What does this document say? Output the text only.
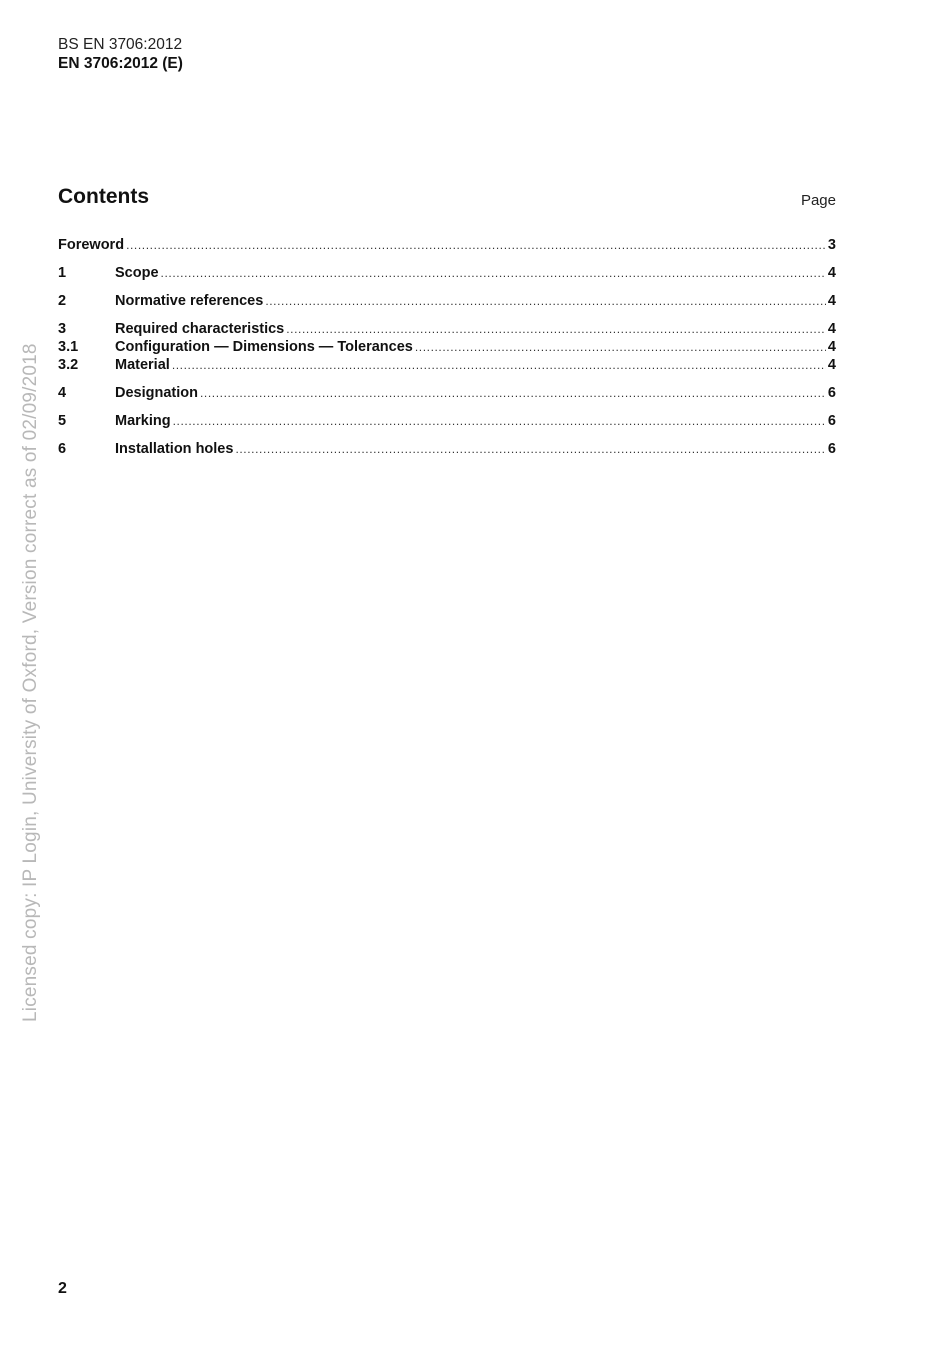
BS EN 3706:2012
EN 3706:2012 (E)
Contents	Page
Foreword .....	3
1	Scope .....	4
2	Normative references .....	4
3	Required characteristics .....	4
3.1	Configuration — Dimensions — Tolerances .....	4
3.2	Material .....	4
4	Designation .....	6
5	Marking .....	6
6	Installation holes .....	6
Licensed copy: IP Login, University of Oxford, Version correct as of 02/09/2018
2
